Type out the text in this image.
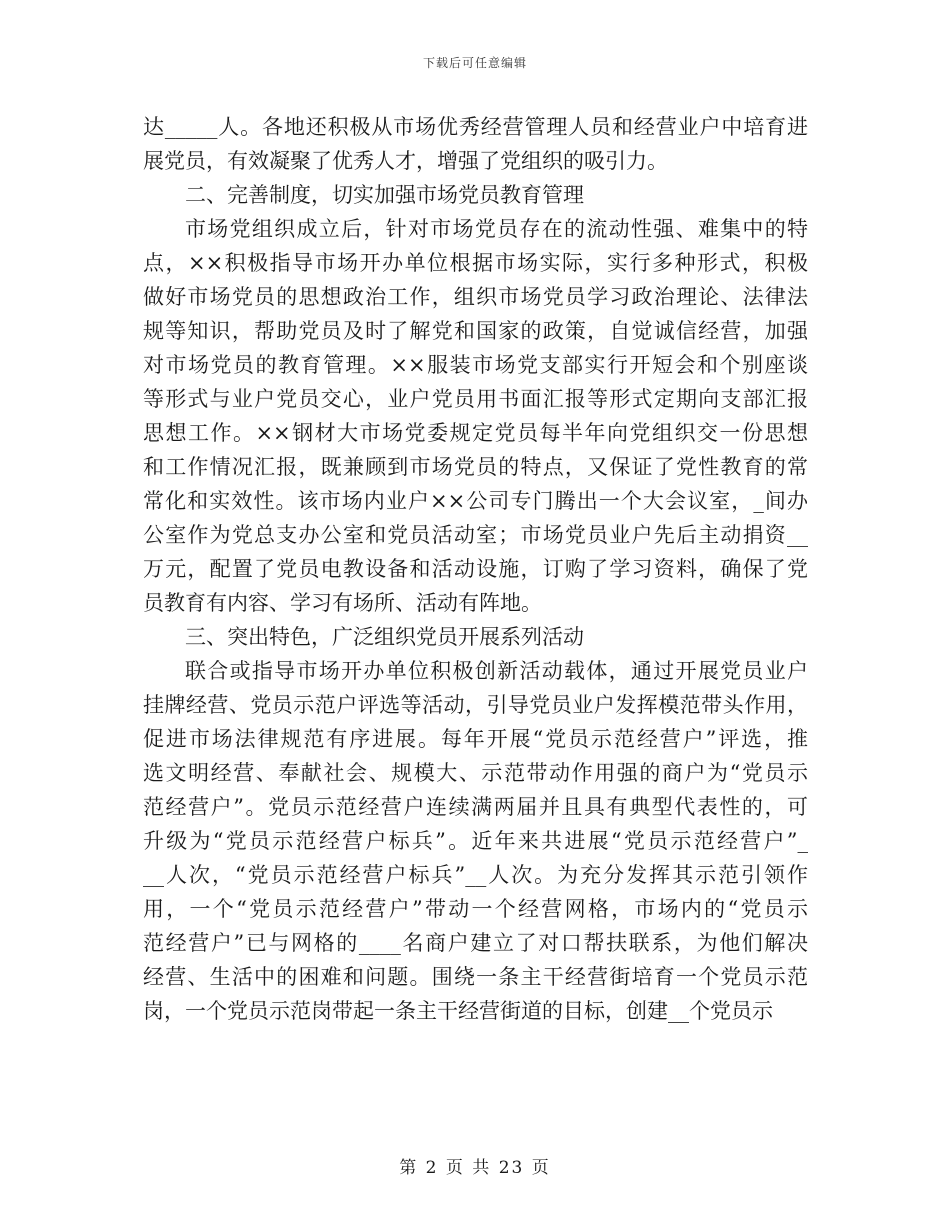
下载后可任意编辑
达_____人。各地还积极从市场优秀经营管理人员和经营业户中培育进
展党员，有效凝聚了优秀人才，增强了党组织的吸引力。
二、完善制度，切实加强市场党员教育管理
市场党组织成立后，针对市场党员存在的流动性强、难集中的特
点，××积极指导市场开办单位根据市场实际，实行多种形式，积极
做好市场党员的思想政治工作，组织市场党员学习政治理论、法律法
规等知识，帮助党员及时了解党和国家的政策，自觉诚信经营，加强
对市场党员的教育管理。××服装市场党支部实行开短会和个别座谈
等形式与业户党员交心，业户党员用书面汇报等形式定期向支部汇报
思想工作。××钢材大市场党委规定党员每半年向党组织交一份思想
和工作情况汇报，既兼顾到市场党员的特点，又保证了党性教育的常
常化和实效性。该市场内业户××公司专门腾出一个大会议室，_间办
公室作为党总支办公室和党员活动室；市场党员业户先后主动捐资__
万元，配置了党员电教设备和活动设施，订购了学习资料，确保了党
员教育有内容、学习有场所、活动有阵地。
三、突出特色，广泛组织党员开展系列活动
联合或指导市场开办单位积极创新活动载体，通过开展党员业户
挂牌经营、党员示范户评选等活动，引导党员业户发挥模范带头作用，
促进市场法律规范有序进展。每年开展“党员示范经营户”评选，推
选文明经营、奉献社会、规模大、示范带动作用强的商户为“党员示
范经营户”。党员示范经营户连续满两届并且具有典型代表性的，可
升级为“党员示范经营户标兵”。近年来共进展“党员示范经营户”_
__人次，“党员示范经营户标兵”__人次。为充分发挥其示范引领作
用，一个“党员示范经营户”带动一个经营网格，市场内的“党员示
范经营户”已与网格的____名商户建立了对口帮扶联系，为他们解决
经营、生活中的困难和问题。围绕一条主干经营街培育一个党员示范
岗，一个党员示范岗带起一条主干经营街道的目标，创建__个党员示
第 2 页 共 23 页
